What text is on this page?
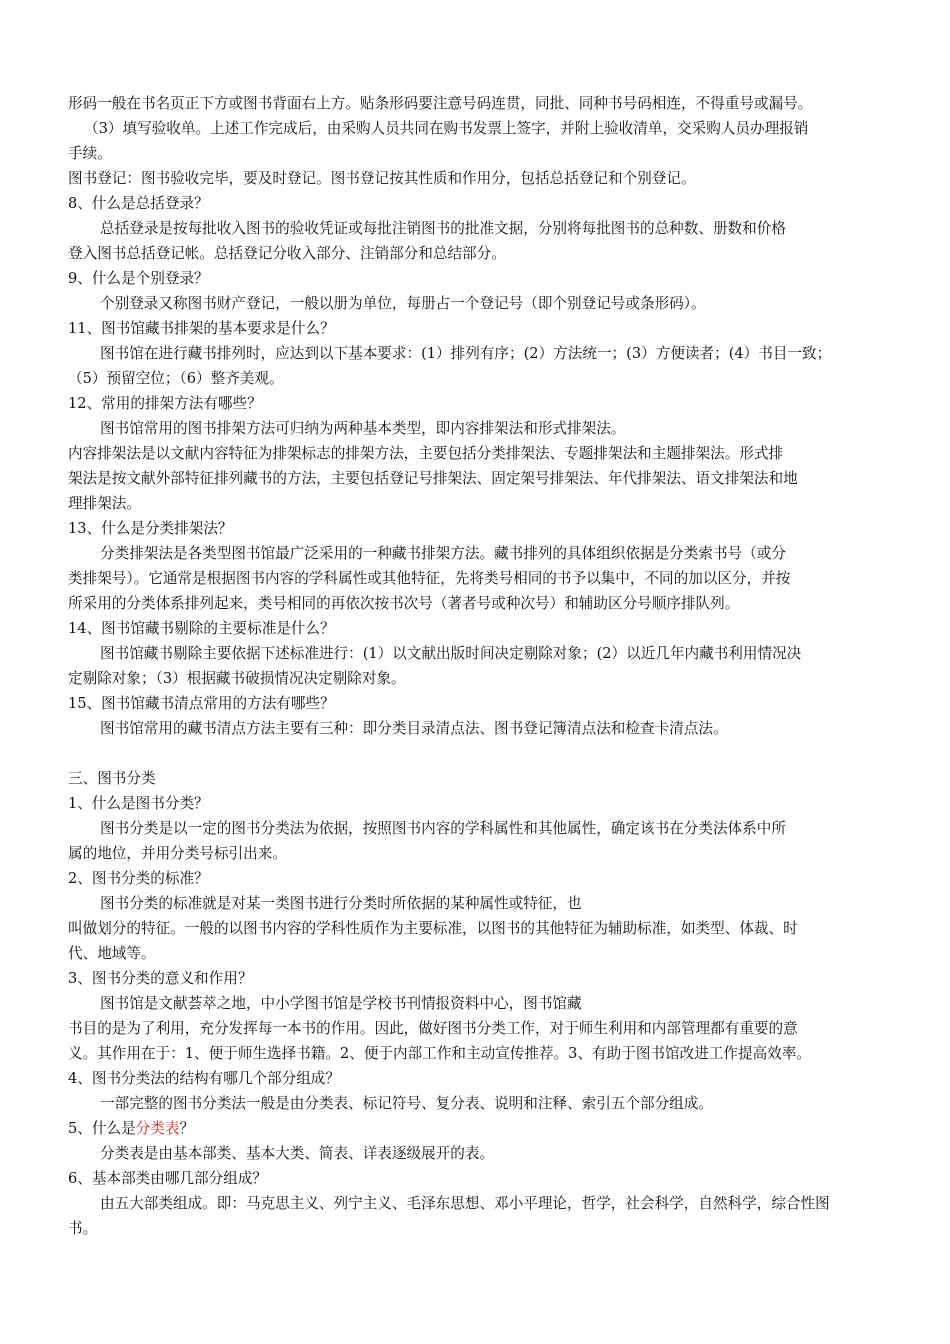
形码一般在书名页正下方或图书背面右上方。贴条形码要注意号码连贯，同批、同种书号码相连，不得重号或漏号。
（3）填写验收单。上述工作完成后，由采购人员共同在购书发票上签字，并附上验收清单，交采购人员办理报销
手续。
图书登记：图书验收完毕，要及时登记。图书登记按其性质和作用分，包括总括登记和个别登记。
8、什么是总括登录？
总括登录是按每批收入图书的验收凭证或每批注销图书的批准文据，分别将每批图书的总种数、册数和价格
登入图书总括登记帐。总括登记分收入部分、注销部分和总结部分。
9、什么是个别登录？
个别登录又称图书财产登记，一般以册为单位，每册占一个登记号（即个别登记号或条形码）。
11、图书馆藏书排架的基本要求是什么？
图书馆在进行藏书排列时，应达到以下基本要求：(1）排列有序；(2）方法统一；(3）方便读者；(4）书目一致；
（5）预留空位；（6）整齐美观。
12、常用的排架方法有哪些？
图书馆常用的图书排架方法可归纳为两种基本类型，即内容排架法和形式排架法。
内容排架法是以文献内容特征为排架标志的排架方法，主要包括分类排架法、专题排架法和主题排架法。形式排
架法是按文献外部特征排列藏书的方法，主要包括登记号排架法、固定架号排架法、年代排架法、语文排架法和地
理排架法。
13、什么是分类排架法？
分类排架法是各类型图书馆最广泛采用的一种藏书排架方法。藏书排列的具体组织依据是分类索书号（或分
类排架号）。它通常是根据图书内容的学科属性或其他特征，先将类号相同的书予以集中，不同的加以区分，并按
所采用的分类体系排列起来，类号相同的再依次按书次号（著者号或种次号）和辅助区分号顺序排队列。
14、图书馆藏书剔除的主要标准是什么？
图书馆藏书剔除主要依据下述标准进行：(1）以文献出版时间决定剔除对象；(2）以近几年内藏书利用情况决
定剔除对象；（3）根据藏书破损情况决定剔除对象。
15、图书馆藏书清点常用的方法有哪些？
图书馆常用的藏书清点方法主要有三种：即分类目录清点法、图书登记簿清点法和检查卡清点法。
三、图书分类
1、什么是图书分类？
图书分类是以一定的图书分类法为依据，按照图书内容的学科属性和其他属性，确定该书在分类法体系中所
属的地位，并用分类号标引出来。
2、图书分类的标准？
图书分类的标准就是对某一类图书进行分类时所依据的某种属性或特征，也
叫做划分的特征。一般的以图书内容的学科性质作为主要标准，以图书的其他特征为辅助标准，如类型、体裁、时
代、地域等。
3、图书分类的意义和作用？
图书馆是文献荟萃之地，中小学图书馆是学校书刊情报资料中心，图书馆藏
书目的是为了利用，充分发挥每一本书的作用。因此，做好图书分类工作，对于师生利用和内部管理都有重要的意
义。其作用在于：1、便于师生选择书籍。2、便于内部工作和主动宣传推荐。3、有助于图书馆改进工作提高效率。
4、图书分类法的结构有哪几个部分组成？
一部完整的图书分类法一般是由分类表、标记符号、复分表、说明和注释、索引五个部分组成。
5、什么是分类表？
分类表是由基本部类、基本大类、简表、详表逐级展开的表。
6、基本部类由哪几部分组成？
由五大部类组成。即：马克思主义、列宁主义、毛泽东思想、邓小平理论，哲学，社会科学，自然科学，综合性图
书。
